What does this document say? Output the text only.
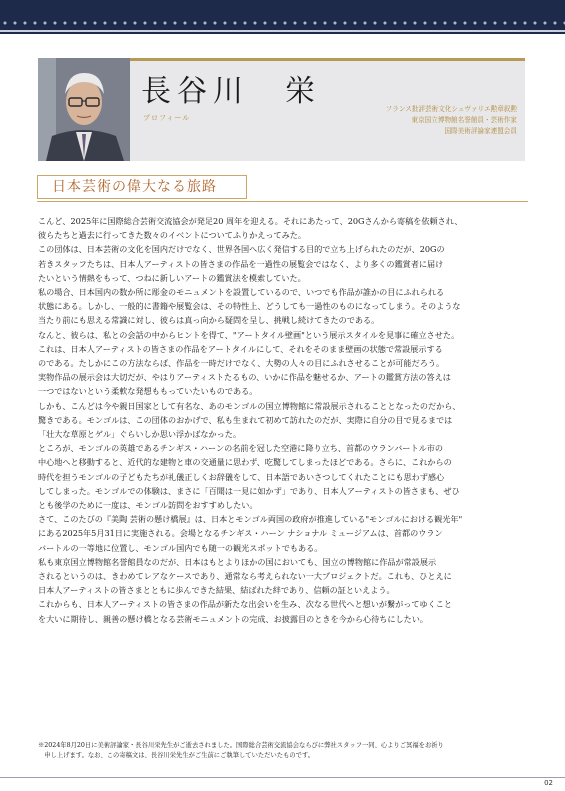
長谷川　栄
プロフィール
フランス批評芸術文化シュヴァリエ勲章叙勲
東京国立博物館名誉館員・芸術作家
国際美術評論家連盟会員
日本芸術の偉大なる旅路

こんど、2025年に国際総合芸術交流協会が発足20 周年を迎える。それにあたって、20Gさんから寄稿を依頼され、
彼らたちと過去に行ってきた数々のイベントについてふりかえってみた。

この団体は、日本芸術の文化を国内だけでなく、世界各国へ広く発信する目的で立ち上げられたのだが、20Gの
若きスタッフたちは、日本人アーティストの皆さまの作品を一過性の展覧会ではなく、より多くの鑑賞者に届け
たいという情熱をもって、つねに新しいアートの鑑賞法を模索していた。

私の場合、日本国内の数か所に彫金のモニュメントを設置しているので、いつでも作品が誰かの目にふれられる
状態にある。しかし、一般的に書籍や展覧会は、その特性上、どうしても一過性のものになってしまう。そのような
当たり前にも思える常識に対し、彼らは真っ向から疑問を呈し、挑戦し続けてきたのである。

なんと、彼らは、私との会話の中からヒントを得て、"アートタイル壁画"という展示スタイルを見事に確立させた。
これは、日本人アーティストの皆さまの作品をアートタイルにして、それをそのまま壁画の状態で常設展示する
のである。たしかにこの方法ならば、作品を一時だけでなく、大勢の人々の目にふれさせることが可能だろう。
実物作品の展示会は大切だが、やはりアーティストたるもの、いかに作品を魅せるか、アートの鑑賞方法の答えは
一つではないという柔軟な発想ももっていたいものである。

しかも、こんどは今や親日国家として有名な、あのモンゴルの国立博物館に常設展示されることとなったのだから、
驚きである。モンゴルは、この団体のおかげで、私も生まれて初めて訪れたのだが、実際に自分の目で見るまでは
「壮大な草原とゲル」ぐらいしか思い浮かばなかった。

ところが、モンゴルの英雄であるチンギス・ハーンの名前を冠した空港に降り立ち、首都のウランバートル市の
中心地へと移動すると、近代的な建物と車の交通量に思わず、吃驚してしまったほどである。さらに、これからの
時代を担うモンゴルの子どもたちが礼儀正しくお辞儀をして、日本語であいさつしてくれたことにも思わず感心
してしまった。モンゴルでの体験は、まさに「百聞は一見に如かず」であり、日本人アーティストの皆さまも、ぜひ
とも後学のために一度は、モンゴル訪問をおすすめしたい。

さて、このたびの『美陶 芸術の懸け橋展』は、日本とモンゴル両国の政府が推進している"モンゴルにおける観光年"
にある2025年5月31日に実施される。会場となるチンギス・ハーン ナショナル ミュージアムは、首都のウラン
バートルの一等地に位置し、モンゴル国内でも随一の観光スポットでもある。

私も東京国立博物館名誉館員なのだが、日本はもとよりほかの国においても、国立の博物館に作品が常設展示
されるというのは、きわめてレアなケースであり、通常なら考えられない一大プロジェクトだ。これも、ひとえに
日本人アーティストの皆さまとともに歩んできた結果、結ばれた絆であり、信頼の証といえよう。

これからも、日本人アーティストの皆さまの作品が新たな出会いを生み、次なる世代へと想いが繋がってゆくこと
を大いに期待し、親善の懸け橋となる芸術モニュメントの完成、お披露目のときを今から心待ちにしたい。

※2024年8月20日に美術評論家・長谷川栄先生がご逝去されました。国際総合芸術交流協会ならびに弊社スタッフ一同、心よりご冥福をお祈り
　申し上げます。なお、この寄稿文は、長谷川栄先生がご生前にご執筆していただいたものです。
02
